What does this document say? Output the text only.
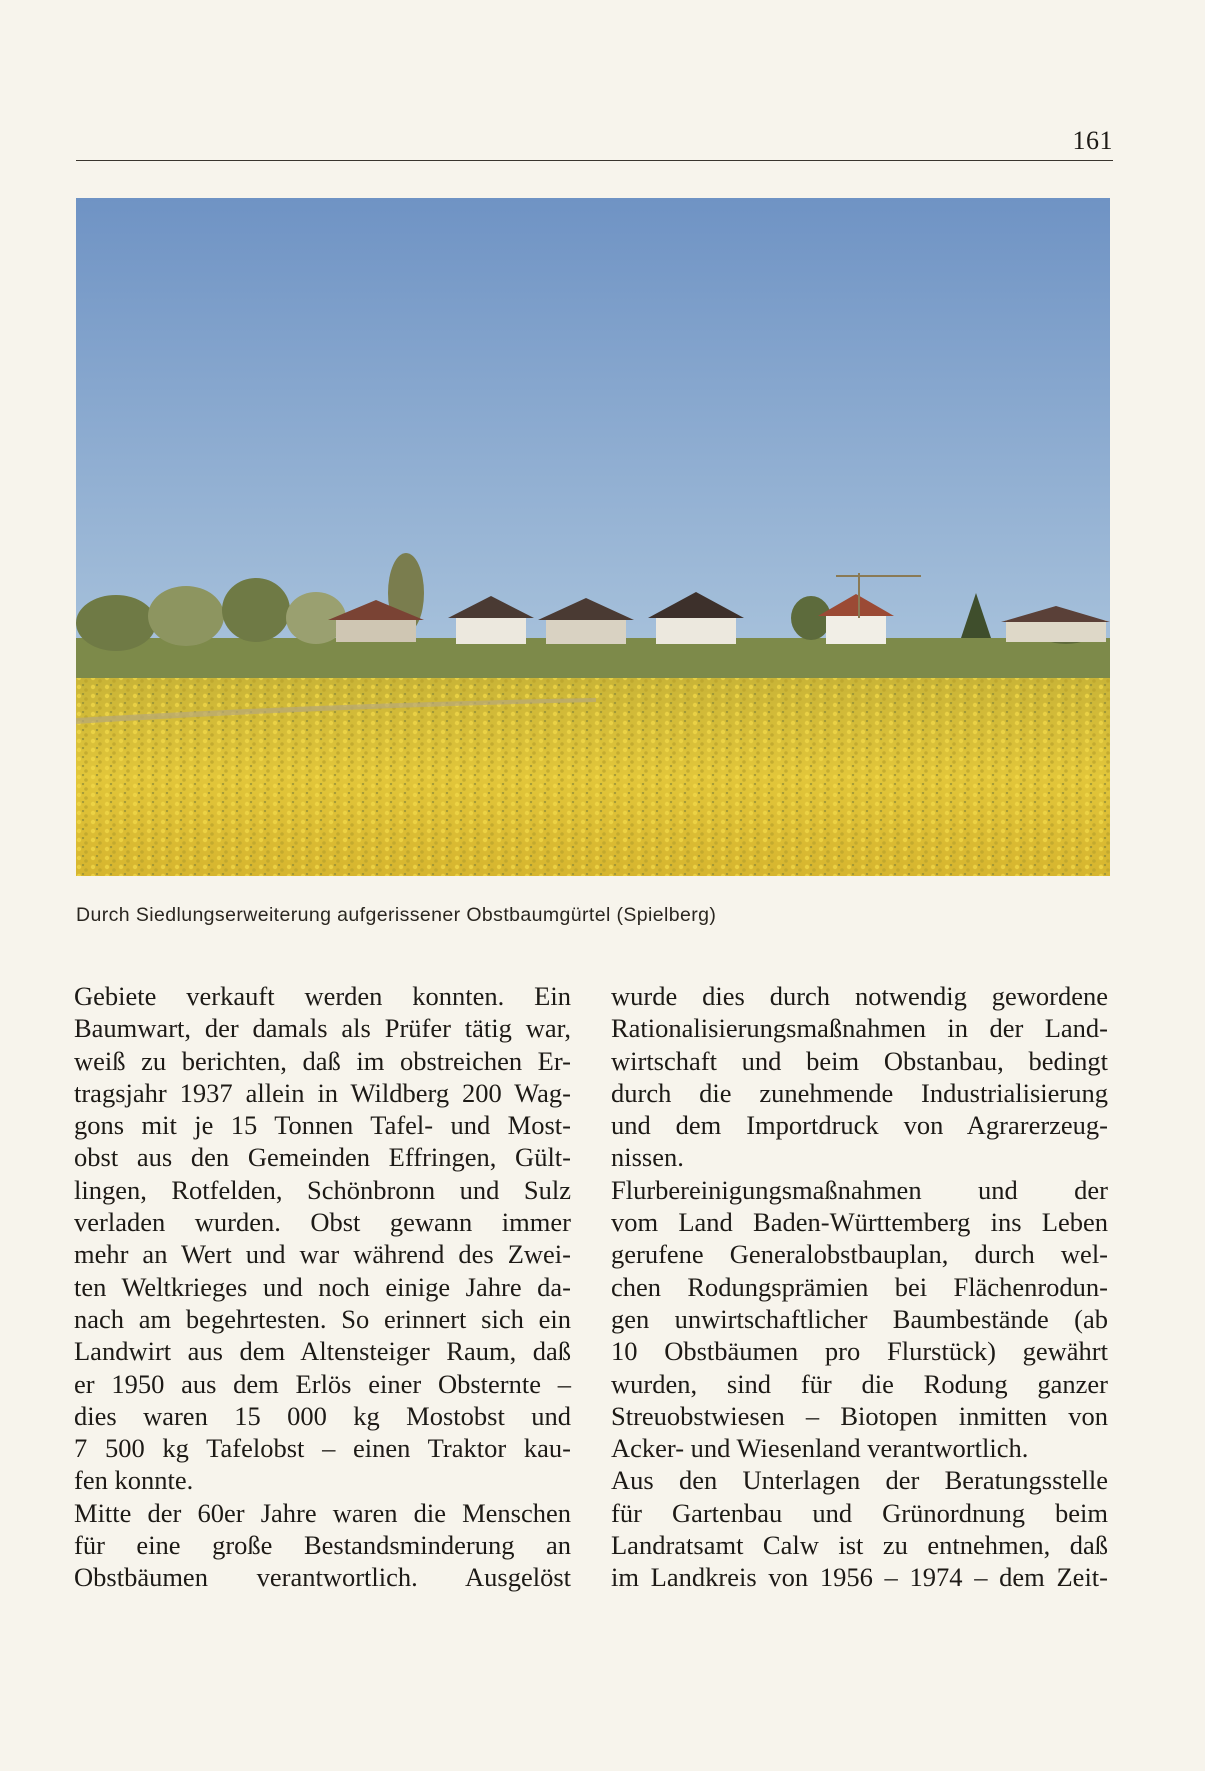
161
Durch Siedlungserweiterung aufgerissener Obstbaumgürtel (Spielberg)
Gebiete verkauft werden konnten. Ein
Baumwart, der damals als Prüfer tätig war,
weiß zu berichten, daß im obstreichen Er-
tragsjahr 1937 allein in Wildberg 200 Wag-
gons mit je 15 Tonnen Tafel- und Most-
obst aus den Gemeinden Effringen, Gült-
lingen, Rotfelden, Schönbronn und Sulz
verladen wurden. Obst gewann immer
mehr an Wert und war während des Zwei-
ten Weltkrieges und noch einige Jahre da-
nach am begehrtesten. So erinnert sich ein
Landwirt aus dem Altensteiger Raum, daß
er 1950 aus dem Erlös einer Obsternte –
dies waren 15 000 kg Mostobst und
7 500 kg Tafelobst – einen Traktor kau-
fen konnte.
Mitte der 60er Jahre waren die Menschen
für eine große Bestandsminderung an
Obstbäumen verantwortlich. Ausgelöst
wurde dies durch notwendig gewordene
Rationalisierungsmaßnahmen in der Land-
wirtschaft und beim Obstanbau, bedingt
durch die zunehmende Industrialisierung
und dem Importdruck von Agrarerzeug-
nissen.
Flurbereinigungsmaßnahmen und der
vom Land Baden-Württemberg ins Leben
gerufene Generalobstbauplan, durch wel-
chen Rodungsprämien bei Flächenrodun-
gen unwirtschaftlicher Baumbestände (ab
10 Obstbäumen pro Flurstück) gewährt
wurden, sind für die Rodung ganzer
Streuobstwiesen – Biotopen inmitten von
Acker- und Wiesenland verantwortlich.
Aus den Unterlagen der Beratungsstelle
für Gartenbau und Grünordnung beim
Landratsamt Calw ist zu entnehmen, daß
im Landkreis von 1956 – 1974 – dem Zeit-
